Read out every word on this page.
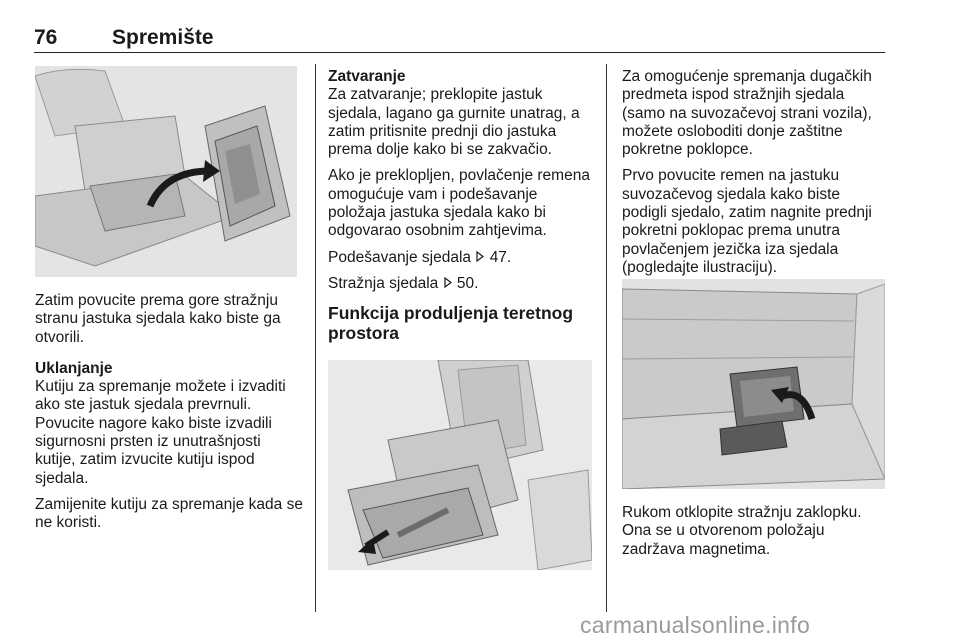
76	Spremište

Zatim povucite prema gore stražnju stranu jastuka sjedala kako biste ga otvorili.

Uklanjanje

Kutiju za spremanje možete i izvaditi ako ste jastuk sjedala prevrnuli. Povucite nagore kako biste izvadili sigurnosni prsten iz unutrašnjosti kutije, zatim izvucite kutiju ispod sjedala.

Zamijenite kutiju za spremanje kada se ne koristi.

Zatvaranje

Za zatvaranje; preklopite jastuk sjedala, lagano ga gurnite unatrag, a zatim pritisnite prednji dio jastuka prema dolje kako bi se zakvačio.

Ako je preklopljen, povlačenje remena omogućuje vam i podešavanje položaja jastuka sjedala kako bi odgovarao osobnim zahtjevima.

Podešavanje sjedala 47.

Stražnja sjedala 50.

Funkcija produljenja teretnog prostora

Za omogućenje spremanja dugačkih predmeta ispod stražnjih sjedala (samo na suvozačevoj strani vozila), možete osloboditi donje zaštitne pokretne poklopce.

Prvo povucite remen na jastuku suvozačevog sjedala kako biste podigli sjedalo, zatim nagnite prednji pokretni poklopac prema unutra povlačenjem jezička iza sjedala (pogledajte ilustraciju).

Rukom otklopite stražnju zaklopku. Ona se u otvorenom položaju zadržava magnetima.

carmanualsonline.info
